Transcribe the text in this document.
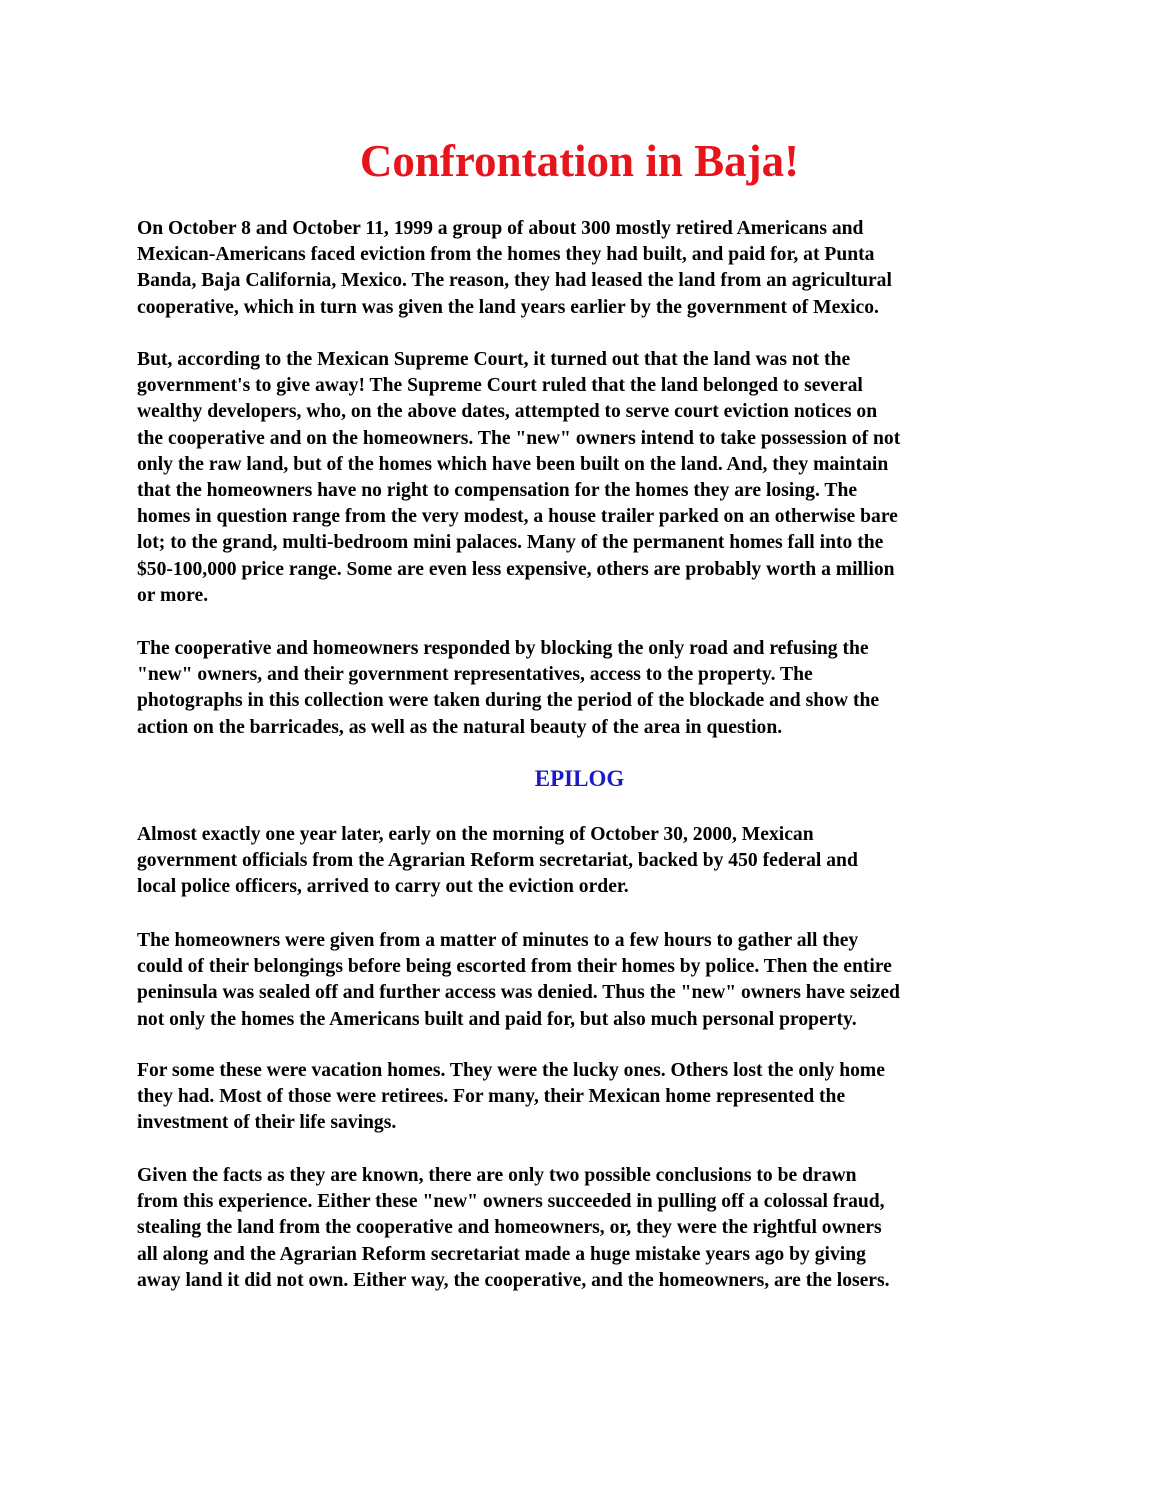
Confrontation in Baja!

On October 8 and October 11, 1999 a group of about 300 mostly retired Americans and
Mexican-Americans faced eviction from the homes they had built, and paid for, at Punta
Banda, Baja California, Mexico. The reason, they had leased the land from an agricultural
cooperative, which in turn was given the land years earlier by the government of Mexico.

But, according to the Mexican Supreme Court, it turned out that the land was not the
government's to give away! The Supreme Court ruled that the land belonged to several
wealthy developers, who, on the above dates, attempted to serve court eviction notices on
the cooperative and on the homeowners. The "new" owners intend to take possession of not
only the raw land, but of the homes which have been built on the land. And, they maintain
that the homeowners have no right to compensation for the homes they are losing. The
homes in question range from the very modest, a house trailer parked on an otherwise bare
lot; to the grand, multi-bedroom mini palaces. Many of the permanent homes fall into the
$50-100,000 price range. Some are even less expensive, others are probably worth a million
or more.

The cooperative and homeowners responded by blocking the only road and refusing the
"new" owners, and their government representatives, access to the property. The
photographs in this collection were taken during the period of the blockade and show the
action on the barricades, as well as the natural beauty of the area in question.

EPILOG

Almost exactly one year later, early on the morning of October 30, 2000, Mexican
government officials from the Agrarian Reform secretariat, backed by 450 federal and
local police officers, arrived to carry out the eviction order.

The homeowners were given from a matter of minutes to a few hours to gather all they
could of their belongings before being escorted from their homes by police. Then the entire
peninsula was sealed off and further access was denied. Thus the "new" owners have seized
not only the homes the Americans built and paid for, but also much personal property.

For some these were vacation homes. They were the lucky ones. Others lost the only home
they had. Most of those were retirees. For many, their Mexican home represented the
investment of their life savings.

Given the facts as they are known, there are only two possible conclusions to be drawn
from this experience. Either these "new" owners succeeded in pulling off a colossal fraud,
stealing the land from the cooperative and homeowners, or, they were the rightful owners
all along and the Agrarian Reform secretariat made a huge mistake years ago by giving
away land it did not own. Either way, the cooperative, and the homeowners, are the losers.
